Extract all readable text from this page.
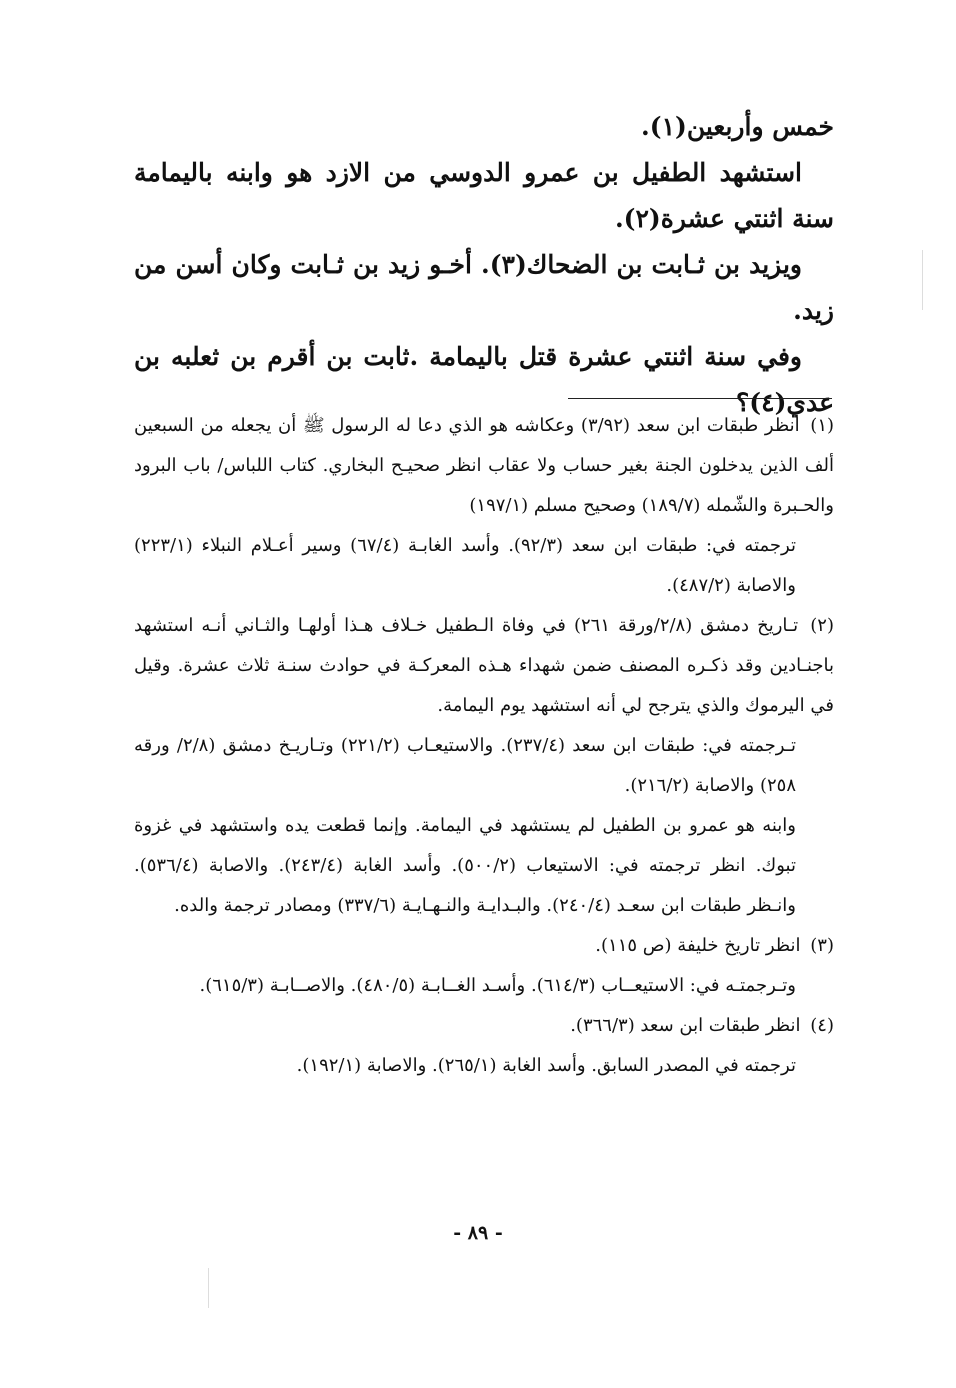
خمس وأربعين(١).

استشهد الطفيل بن عمرو الدوسي من الازد هو وابنه باليمامة سنة اثنتي عشرة(٢).

ويزيد بن ثـابت بن الضحاك(٣). أخـو زيد بن ثـابت وكان أسن من زيد.

وفي سنة اثنتي عشرة قتل باليمامة .ثابت بن أقرم بن ثعلبه بن عدي(٤)؟

(١) انظر طبقات ابن سعد (٣/٩٢) وعكاشه هو الذي دعا له الرسول ﷺ أن يجعله من السبعين ألف الذين يدخلون الجنة بغير حساب ولا عقاب انظر صحيـح البخاري. كتاب اللباس/ باب البرود والحـبرة والشّمله (١٨٩/٧) وصحيح مسلم (١٩٧/١)

ترجمته في: طبقات ابن سعد (٩٢/٣). وأسد الغابـة (٦٧/٤) وسير أعـلام النبلاء (٢٢٣/١) والاصابة (٤٨٧/٢).

(٢) تـاريخ دمشق (٢/٨/ورقة ٢٦١) في وفاة الـطفيل خـلاف هـذا أولهـا والثـاني أنـه استشهد باجنـادين وقد ذكـره المصنف ضمن شهداء هـذه المعركـة في حوادث سنـة ثلاث عشرة. وقيل في اليرموك والذي يترجح لي أنه استشهد يوم اليمامة.

تـرجمته في: طبقات ابن سعد (٢٣٧/٤). والاستيعـاب (٢٢١/٢) وتـاريـخ دمشق (٢/٨/ ورقه ٢٥٨) والاصابة (٢١٦/٢).

وابنه هو عمرو بن الطفيل لم يستشهد في اليمامة. وإنما قطعت يده واستشهد في غزوة تبوك. انظر ترجمته في: الاستيعاب (٥٠٠/٢). وأسد الغابة (٢٤٣/٤). والاصابة (٥٣٦/٤). وانـظر طبقات ابن سعـد (٢٤٠/٤). والبـدايـة والنـهـايـة (٣٣٧/٦) ومصادر ترجمة والده.

(٣) انظر تاريخ خليفة (ص ١١٥).

وتـرجمتـه في: الاستيعــاب (٦١٤/٣). وأسـد الغــابـة (٤٨٠/٥). والاصــابـة (٦١٥/٣).

(٤) انظر طبقات ابن سعد (٣٦٦/٣).

ترجمته في المصدر السابق. وأسد الغابة (٢٦٥/١). والاصابة (١٩٢/١).

- ٨٩ -
